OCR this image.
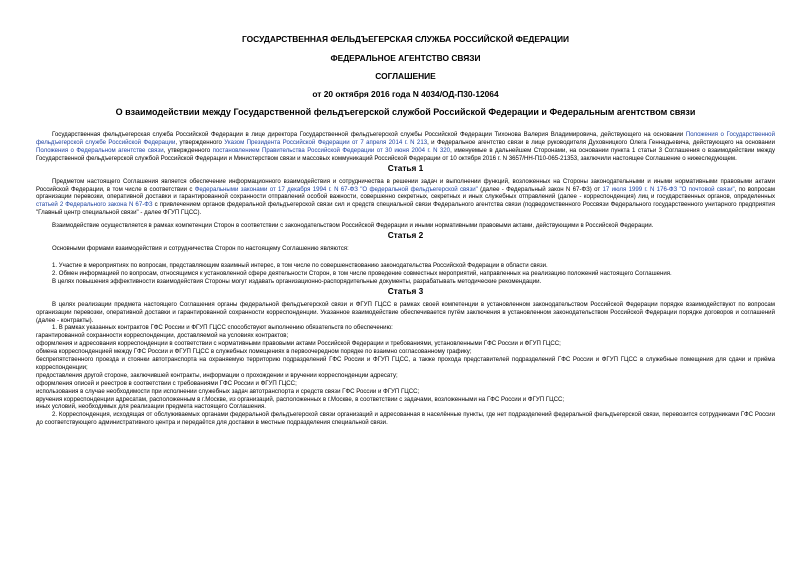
ГОСУДАРСТВЕННАЯ ФЕЛЬДЪЕГЕРСКАЯ СЛУЖБА РОССИЙСКОЙ ФЕДЕРАЦИИ
ФЕДЕРАЛЬНОЕ АГЕНТСТВО СВЯЗИ
СОГЛАШЕНИЕ
от 20 октября 2016 года N 4034/ОД-П30-12064
О взаимодействии между Государственной фельдъегерской службой Российской Федерации и Федеральным агентством связи

Государственная фельдъегерская служба Российской Федерации в лице директора Государственной фельдъегерской службы Российской Федерации Тихонова Валерия Владимировича, действующего на основании Положения о Государственной фельдъегерской службе Российской Федерации, утвержденного Указом Президента Российской Федерации от 7 апреля 2014 г. N 213, и Федеральное агентство связи в лице руководителя Духовницкого Олега Геннадьевича, действующего на основании Положения о Федеральном агентстве связи, утвержденного постановлением Правительства Российской Федерации от 30 июня 2004 г. N 320, именуемые в дальнейшем Сторонами, на основании пункта 1 статьи 3 Соглашения о взаимодействии между Государственной фельдъегерской службой Российской Федерации и Министерством связи и массовых коммуникаций Российской Федерации от 10 октября 2016 г. N 3657/НН-П10-065-21353, заключили настоящее Соглашение о нижеследующем.

Статья 1

Предметом настоящего Соглашения является обеспечение информационного взаимодействия и сотрудничества в решении задач и выполнении функций, возложенных на Стороны законодательными и иными нормативными правовыми актами Российской Федерации, в том числе в соответствии с Федеральными законами от 17 декабря 1994 г. N 67-ФЗ "О федеральной фельдъегерской связи" (далее - Федеральный закон N 67-ФЗ) от 17 июля 1999 г. N 176-ФЗ "О почтовой связи", по вопросам организации перевозки, оперативной доставки и гарантированной сохранности отправлений особой важности, совершенно секретных, секретных и иных служебных отправлений (далее - корреспонденция) лиц и государственных органов, определенных статьей 2 Федерального закона N 67-ФЗ с привлечением органов федеральной фельдъегерской связи сил и средств специальной связи Федерального агентства связи (подведомственного Россвязи Федерального государственного унитарного предприятия "Главный центр специальной связи" - далее ФГУП ГЦСС).

Взаимодействие осуществляется в рамках компетенции Сторон в соответствии с законодательством Российской Федерации и иными нормативными правовыми актами, действующими в Российской Федерации.

Статья 2

Основными формами взаимодействия и сотрудничества Сторон по настоящему Соглашению являются:

1. Участие в мероприятиях по вопросам, представляющим взаимный интерес, в том числе по совершенствованию законодательства Российской Федерации в области связи.

2. Обмен информацией по вопросам, относящимся к установленной сфере деятельности Сторон, в том числе проведение совместных мероприятий, направленных на реализацию положений настоящего Соглашения.

В целях повышения эффективности взаимодействия Стороны могут издавать организационно-распорядительные документы, разрабатывать методические рекомендации.

Статья 3

В целях реализации предмета настоящего Соглашения органы федеральной фельдъегерской связи и ФГУП ГЦСС в рамках своей компетенции в установленном законодательством Российской Федерации порядке взаимодействуют по вопросам организации перевозки, оперативной доставки и гарантированной сохранности корреспонденции. Указанное взаимодействие обеспечивается путём заключения в установленном законодательством Российской Федерации порядке договоров и соглашений (далее - контракты).

1. В рамках указанных контрактов ГФС России и ФГУП ГЦСС способствуют выполнению обязательств по обеспечению:

гарантированной сохранности корреспонденции, доставляемой на условиях контрактов;

оформления и адресования корреспонденции в соответствии с нормативными правовыми актами Российской Федерации и требованиями, установленными ГФС России и ФГУП ГЦСС;

обмена корреспонденцией между ГФС России и ФГУП ГЦСС в служебных помещениях в первоочередном порядке по взаимно согласованному графику;

беспрепятственного проезда и стоянки автотранспорта на охраняемую территорию подразделений ГФС России и ФГУП ГЦСС, а также прохода представителей подразделений ГФС России и ФГУП ГЦСС в служебные помещения для сдачи и приёма корреспонденции;

предоставления другой стороне, заключившей контракты, информации о прохождении и вручении корреспонденции адресату;

оформления описей и реестров в соответствии с требованиями ГФС России и ФГУП ГЦСС;

использования в случае необходимости при исполнении служебных задач автотранспорта и средств связи ГФС России и ФГУП ГЦСС;

вручения корреспонденции адресатам, расположенным в г.Москве, из организаций, расположенных в г.Москве, в соответствии с задачами, возложенными на ГФС России и ФГУП ГЦСС;

иных условий, необходимых для реализации предмета настоящего Соглашения.

2. Корреспонденция, исходящая от обслуживаемых органами федеральной фельдъегерской связи организаций и адресованная в населённые пункты, где нет подразделений федеральной фельдъегерской связи, перевозится сотрудниками ГФС России до соответствующего административного центра и передаётся для доставки в местные подразделения специальной связи.
